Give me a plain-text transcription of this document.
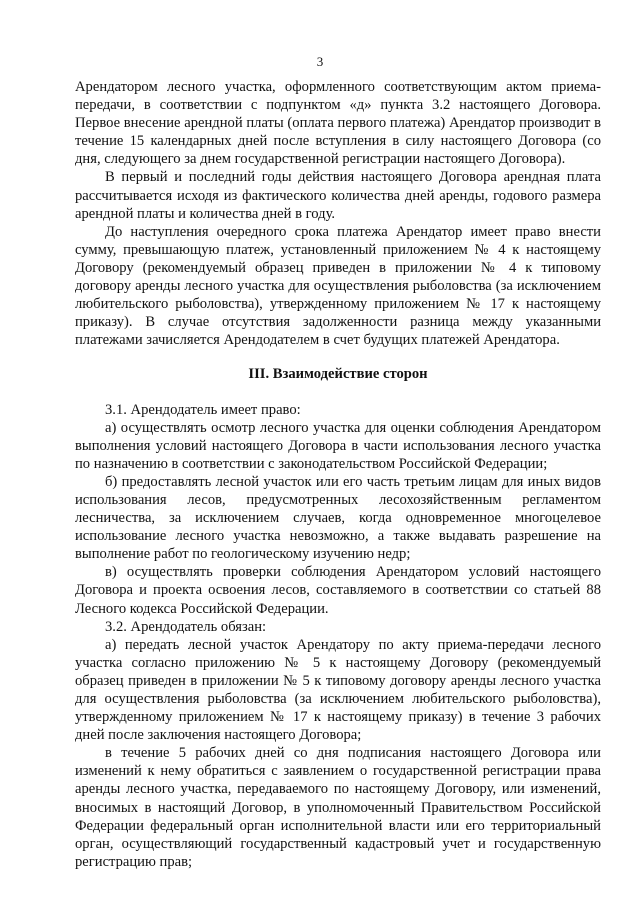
3

Арендатором лесного участка, оформленного соответствующим актом приема-передачи, в соответствии с подпунктом «д» пункта 3.2 настоящего Договора. Первое внесение арендной платы (оплата первого платежа) Арендатор производит в течение 15 календарных дней после вступления в силу настоящего Договора (со дня, следующего за днем государственной регистрации настоящего Договора).

В первый и последний годы действия настоящего Договора арендная плата рассчитывается исходя из фактического количества дней аренды, годового размера арендной платы и количества дней в году.

До наступления очередного срока платежа Арендатор имеет право внести сумму, превышающую платеж, установленный приложением № 4 к настоящему Договору (рекомендуемый образец приведен в приложении № 4 к типовому договору аренды лесного участка для осуществления рыболовства (за исключением любительского рыболовства), утвержденному приложением № 17 к настоящему приказу). В случае отсутствия задолженности разница между указанными платежами зачисляется Арендодателем в счет будущих платежей Арендатора.

III. Взаимодействие сторон

3.1. Арендодатель имеет право:

а) осуществлять осмотр лесного участка для оценки соблюдения Арендатором выполнения условий настоящего Договора в части использования лесного участка по назначению в соответствии с законодательством Российской Федерации;

б) предоставлять лесной участок или его часть третьим лицам для иных видов использования лесов, предусмотренных лесохозяйственным регламентом лесничества, за исключением случаев, когда одновременное многоцелевое использование лесного участка невозможно, а также выдавать разрешение на выполнение работ по геологическому изучению недр;

в) осуществлять проверки соблюдения Арендатором условий настоящего Договора и проекта освоения лесов, составляемого в соответствии со статьей 88 Лесного кодекса Российской Федерации.

3.2. Арендодатель обязан:

а) передать лесной участок Арендатору по акту приема-передачи лесного участка согласно приложению № 5 к настоящему Договору (рекомендуемый образец приведен в приложении № 5 к типовому договору аренды лесного участка для осуществления рыболовства (за исключением любительского рыболовства), утвержденному приложением № 17 к настоящему приказу) в течение 3 рабочих дней после заключения настоящего Договора;

в течение 5 рабочих дней со дня подписания настоящего Договора или изменений к нему обратиться с заявлением о государственной регистрации права аренды лесного участка, передаваемого по настоящему Договору, или изменений, вносимых в настоящий Договор, в уполномоченный Правительством Российской Федерации федеральный орган исполнительной власти или его территориальный орган, осуществляющий государственный кадастровый учет и государственную регистрацию прав;
